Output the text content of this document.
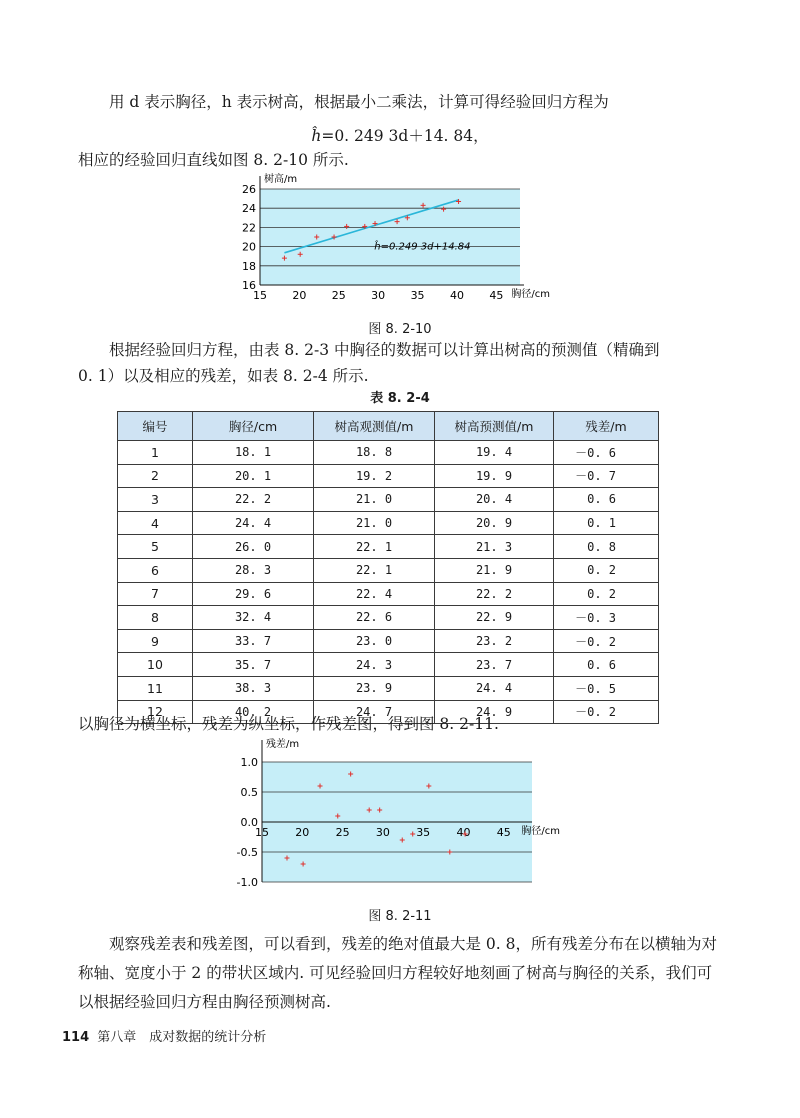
用 d 表示胸径，h 表示树高，根据最小二乘法，计算可得经验回归方程为

ĥ=0. 249 3d＋14. 84，

相应的经验回归直线如图 8. 2-10 所示.

16
18
20
22
24
26
15 20 25 30 35 40 45
树高/m
胸径/cm
ĥ=0.249 3d+14.84
图 8. 2-10

根据经验回归方程，由表 8. 2-3 中胸径的数据可以计算出树高的预测值（精确到

0. 1）以及相应的残差，如表 8. 2-4 所示.

表 8. 2-4
编号	胸径/cm	树高观测值/m	树高预测值/m	残差/m
1	18. 1	18. 8	19. 4	－0. 6
2	20. 1	19. 2	19. 9	－0. 7
3	22. 2	21. 0	20. 4	0. 6
4	24. 4	21. 0	20. 9	0. 1
5	26. 0	22. 1	21. 3	0. 8
6	28. 3	22. 1	21. 9	0. 2
7	29. 6	22. 4	22. 2	0. 2
8	32. 4	22. 6	22. 9	－0. 3
9	33. 7	23. 0	23. 2	－0. 2
10	35. 7	24. 3	23. 7	0. 6
11	38. 3	23. 9	24. 4	－0. 5
12	40. 2	24. 7	24. 9	－0. 2

以胸径为横坐标，残差为纵坐标，作残差图，得到图 8. 2-11.

-1.0
-0.5
0.0
0.5
1.0
15 20 25 30 35 40 45
残差/m
胸径/cm
图 8. 2-11

观察残差表和残差图，可以看到，残差的绝对值最大是 0. 8，所有残差分布在以横轴为对称轴、宽度小于 2 的带状区域内. 可见经验回归方程较好地刻画了树高与胸径的关系，我们可以根据经验回归方程由胸径预测树高.

114 第八章　成对数据的统计分析
